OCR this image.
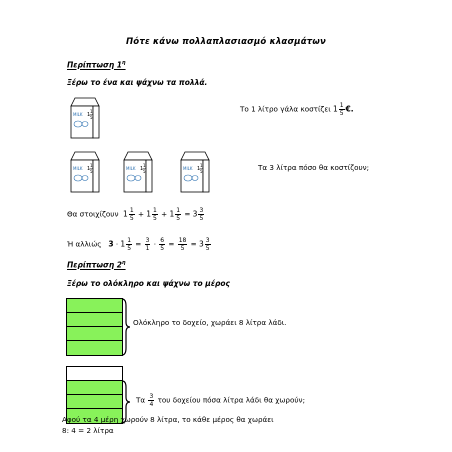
Πότε κάνω πολλαπλασιασμό κλασμάτων
Περίπτωση $1^\eta$
Ξέρω το ένα και ψάχνω τα πολλά.
MILK 1
1
5
Το 1 λίτρο γάλα κοστίζει $1 \frac{1}{5}$ €.
MILK 1
1
5
MILK 1
1
5
MILK 1
1
5	Τα 3 λίτρα πόσο θα κοστίζουν;
Θα στοιχίζουν $1 \frac{1}{5} + 1 \frac{1}{5} + 1 \frac{1}{5} = 3 \frac{3}{5}$
Ή αλλιώς $3 \cdot 1 \frac{1}{5} = \frac{3}{1} \cdot \frac{6}{5} = \frac{18}{5} = 3 \frac{3}{5}$
Περίπτωση $2^\eta$
Ξέρω το ολόκληρο και ψάχνω το μέρος
Ολόκληρο το δοχείο, χωράει 8 λίτρα λάδι.
Τα $\frac{3}{4}$ του δοχείου πόσα λίτρα λάδι θα χωρούν;
Αφού τα 4 μέρη χωρούν 8 λίτρα, το κάθε μέρος θα χωράει
8: 4 = 2 λίτρα
